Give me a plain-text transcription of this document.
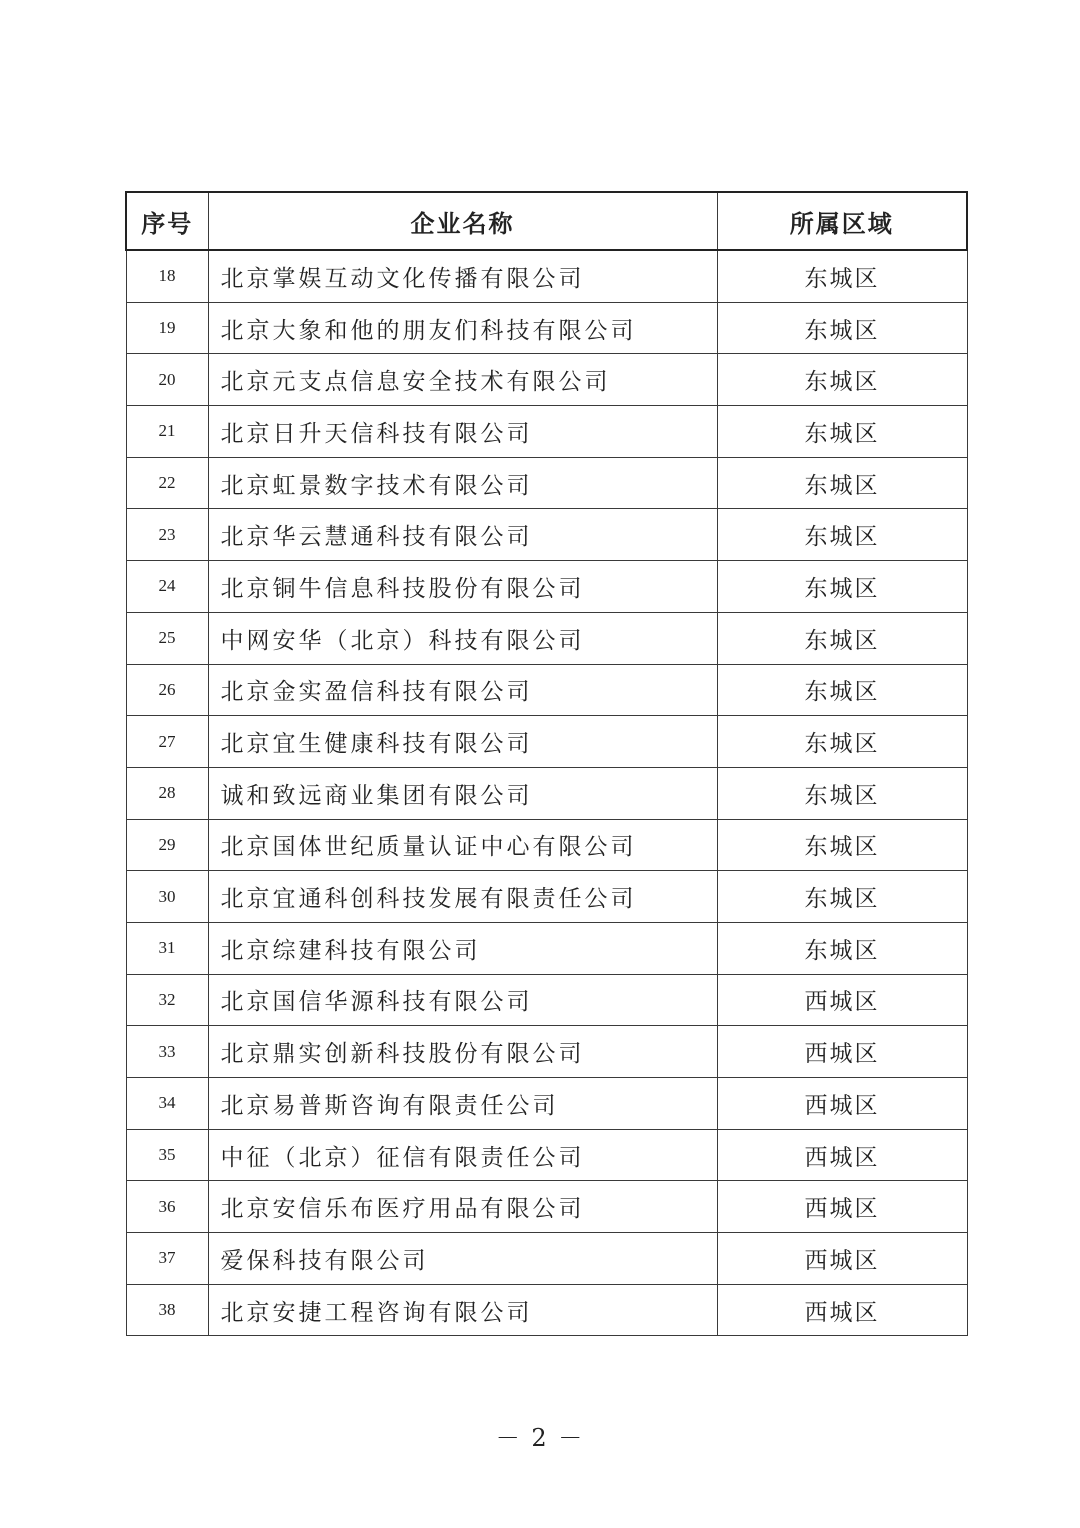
序号	企业名称	所属区域
18	北京掌娱互动文化传播有限公司	东城区
19	北京大象和他的朋友们科技有限公司	东城区
20	北京元支点信息安全技术有限公司	东城区
21	北京日升天信科技有限公司	东城区
22	北京虹景数字技术有限公司	东城区
23	北京华云慧通科技有限公司	东城区
24	北京铜牛信息科技股份有限公司	东城区
25	中网安华（北京）科技有限公司	东城区
26	北京金实盈信科技有限公司	东城区
27	北京宜生健康科技有限公司	东城区
28	诚和致远商业集团有限公司	东城区
29	北京国体世纪质量认证中心有限公司	东城区
30	北京宜通科创科技发展有限责任公司	东城区
31	北京综建科技有限公司	东城区
32	北京国信华源科技有限公司	西城区
33	北京鼎实创新科技股份有限公司	西城区
34	北京易普斯咨询有限责任公司	西城区
35	中征（北京）征信有限责任公司	西城区
36	北京安信乐布医疗用品有限公司	西城区
37	爱保科技有限公司	西城区
38	北京安捷工程咨询有限公司	西城区
－ 2 －
